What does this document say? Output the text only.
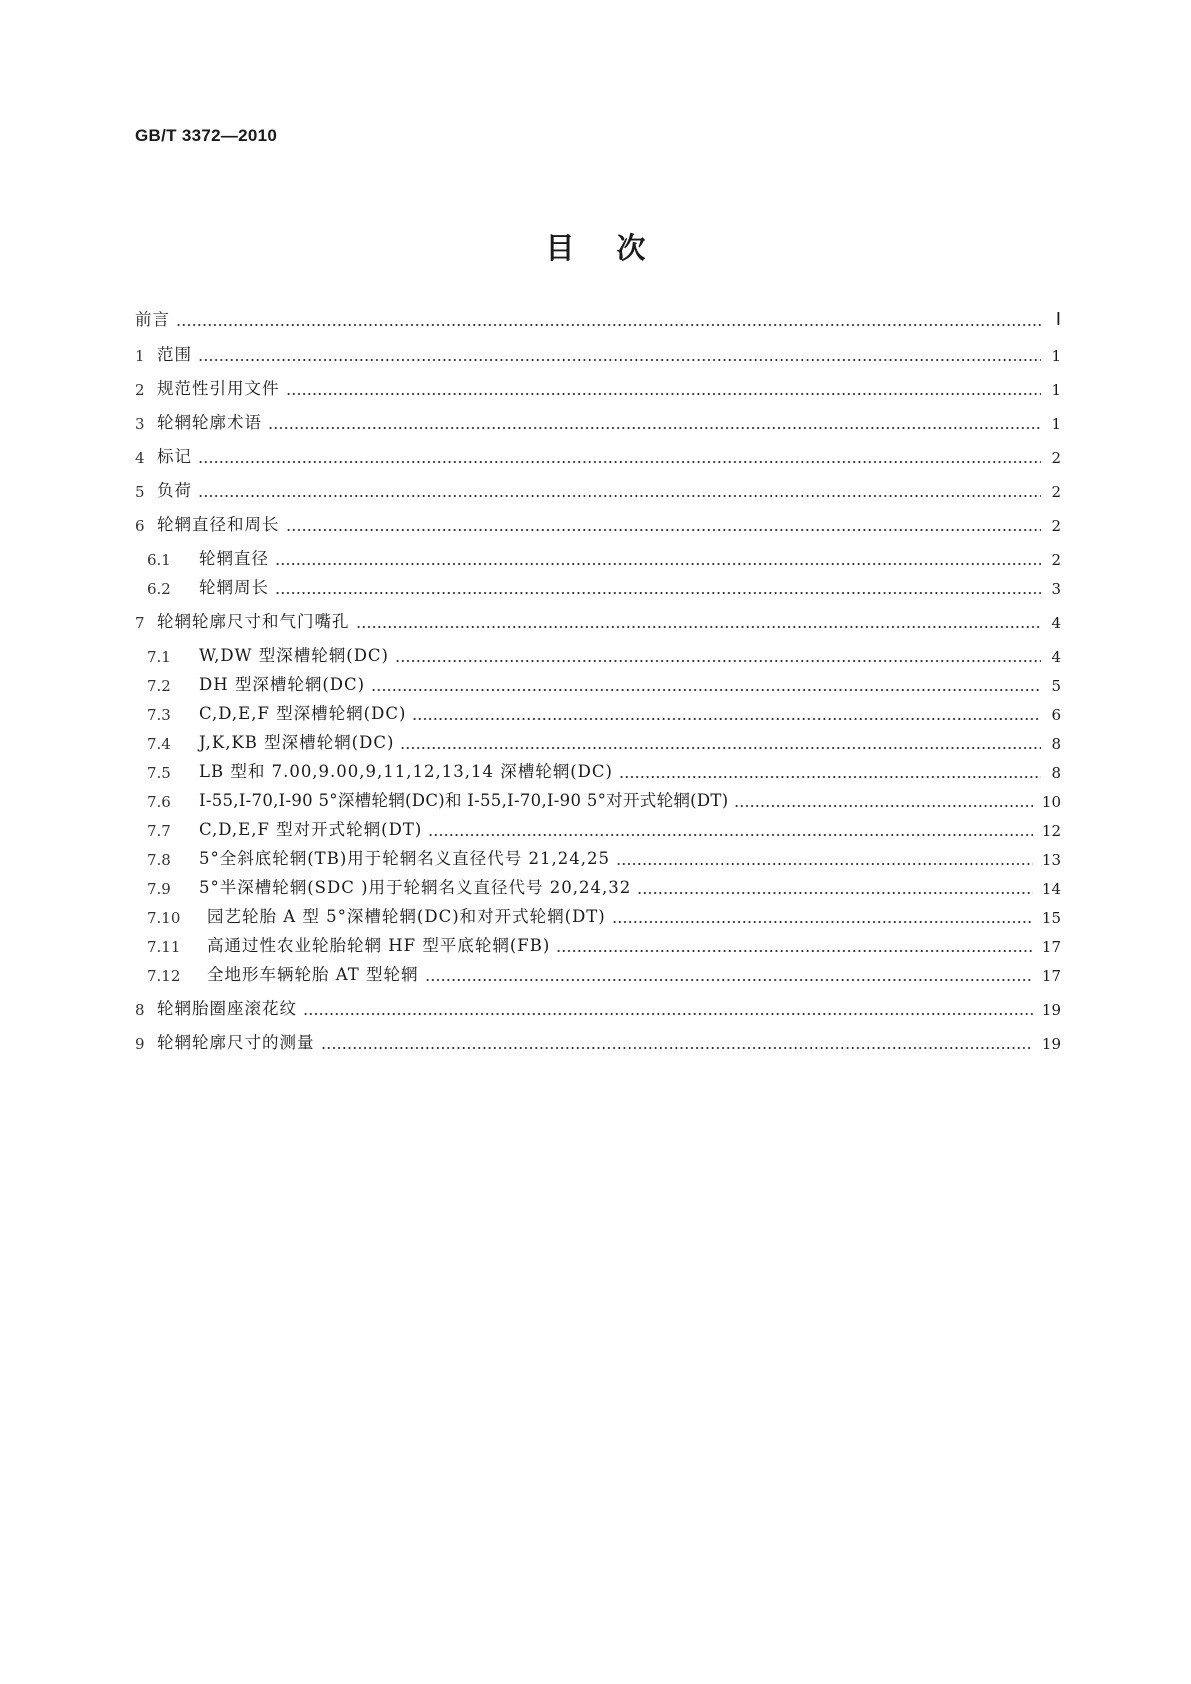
GB/T 3372—2010
目次
前言	Ⅰ
1 范围	1
2 规范性引用文件	1
3 轮辋轮廓术语	1
4 标记	2
5 负荷	2
6 轮辋直径和周长	2
6.1	轮辋直径	2
6.2	轮辋周长	3
7 轮辋轮廓尺寸和气门嘴孔	4
7.1	W,DW 型深槽轮辋(DC)	4
7.2	DH 型深槽轮辋(DC)	5
7.3	C,D,E,F 型深槽轮辋(DC)	6
7.4	J,K,KB 型深槽轮辋(DC)	8
7.5	LB 型和 7.00,9.00,9,11,12,13,14 深槽轮辋(DC)	8
7.6	I-55,I-70,I-90 5°深槽轮辋(DC)和 I-55,I-70,I-90 5°对开式轮辋(DT)	10
7.7	C,D,E,F 型对开式轮辋(DT)	12
7.8	5°全斜底轮辋(TB)用于轮辋名义直径代号 21,24,25	13
7.9	5°半深槽轮辋(SDC )用于轮辋名义直径代号 20,24,32	14
7.10	园艺轮胎 A 型 5°深槽轮辋(DC)和对开式轮辋(DT)	15
7.11	高通过性农业轮胎轮辋 HF 型平底轮辋(FB)	17
7.12	全地形车辆轮胎 AT 型轮辋	17
8 轮辋胎圈座滚花纹	19
9 轮辋轮廓尺寸的测量	19
